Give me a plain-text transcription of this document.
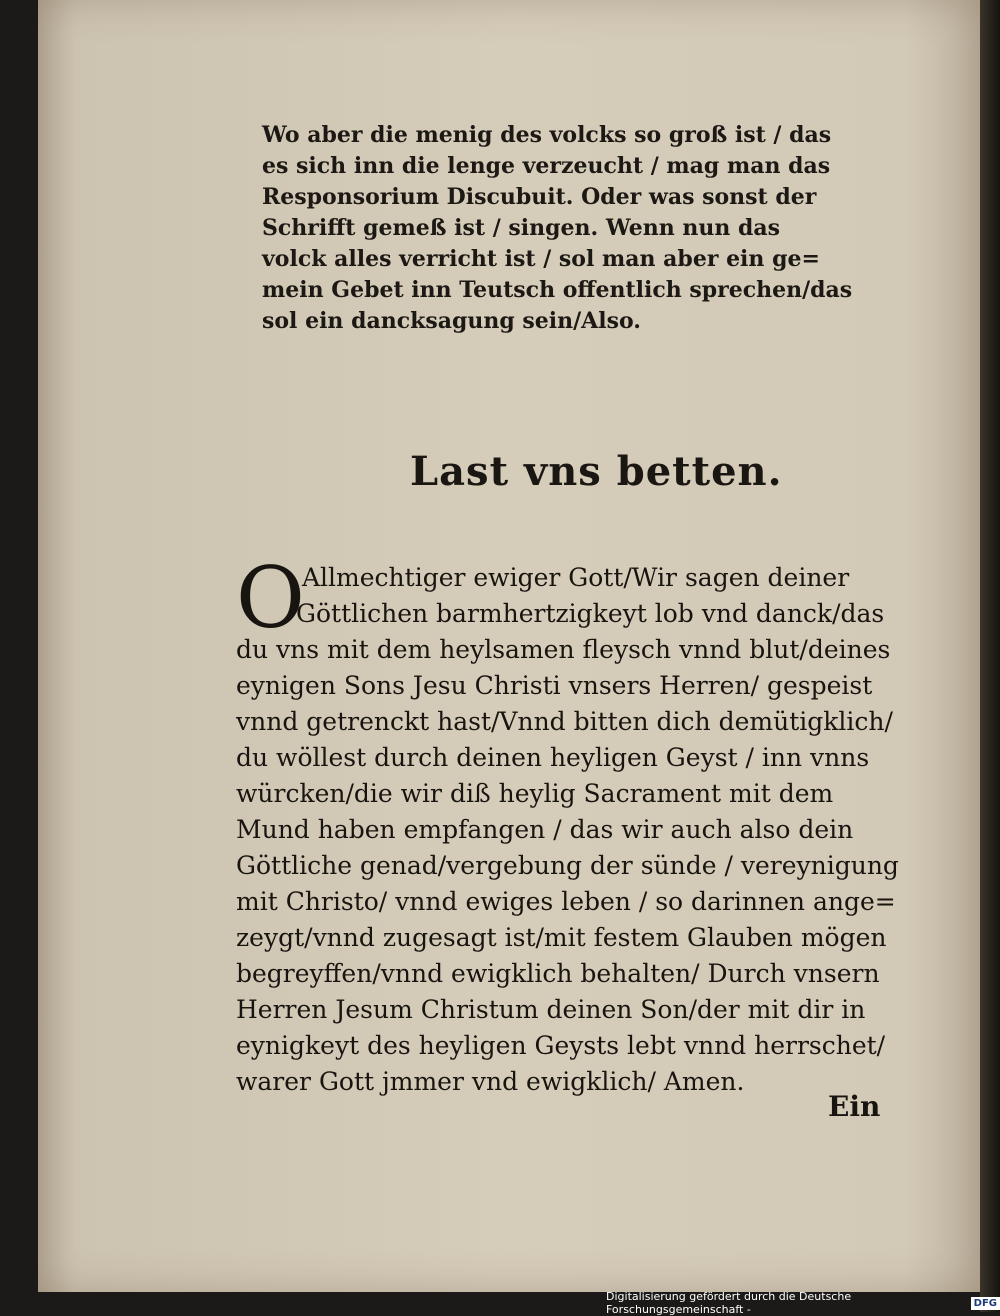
Wo aber die menig des volcks so groß ist / das
es sich inn die lenge verzeucht / mag man das
Responsorium Discubuit. Oder was sonst der
Schrifft gemeß ist / singen. Wenn nun das
volck alles verricht ist / sol man aber ein ge=
mein Gebet inn Teutsch offentlich sprechen/das
sol ein dancksagung sein/Also.
Last vns betten.
O
Allmechtiger ewiger Gott/Wir sagen deiner
Göttlichen barmhertzigkeyt lob vnd danck/das
du vns mit dem heylsamen fleysch vnnd blut/deines
eynigen Sons Jesu Christi vnsers Herren/ gespeist
vnnd getrenckt hast/Vnnd bitten dich demütigklich/
du wöllest durch deinen heyligen Geyst / inn vnns
würcken/die wir diß heylig Sacrament mit dem
Mund haben empfangen / das wir auch also dein
Göttliche genad/vergebung der sünde / vereynigung
mit Christo/ vnnd ewiges leben / so darinnen ange=
zeygt/vnnd zugesagt ist/mit festem Glauben mögen
begreyffen/vnnd ewigklich behalten/ Durch vnsern
Herren Jesum Christum deinen Son/der mit dir in
eynigkeyt des heyligen Geysts lebt vnnd herrschet/
warer Gott jmmer vnd ewigklich/ Amen.
Ein
Digitalisierung gefördert durch die Deutsche Forschungsgemeinschaft -	DFG
